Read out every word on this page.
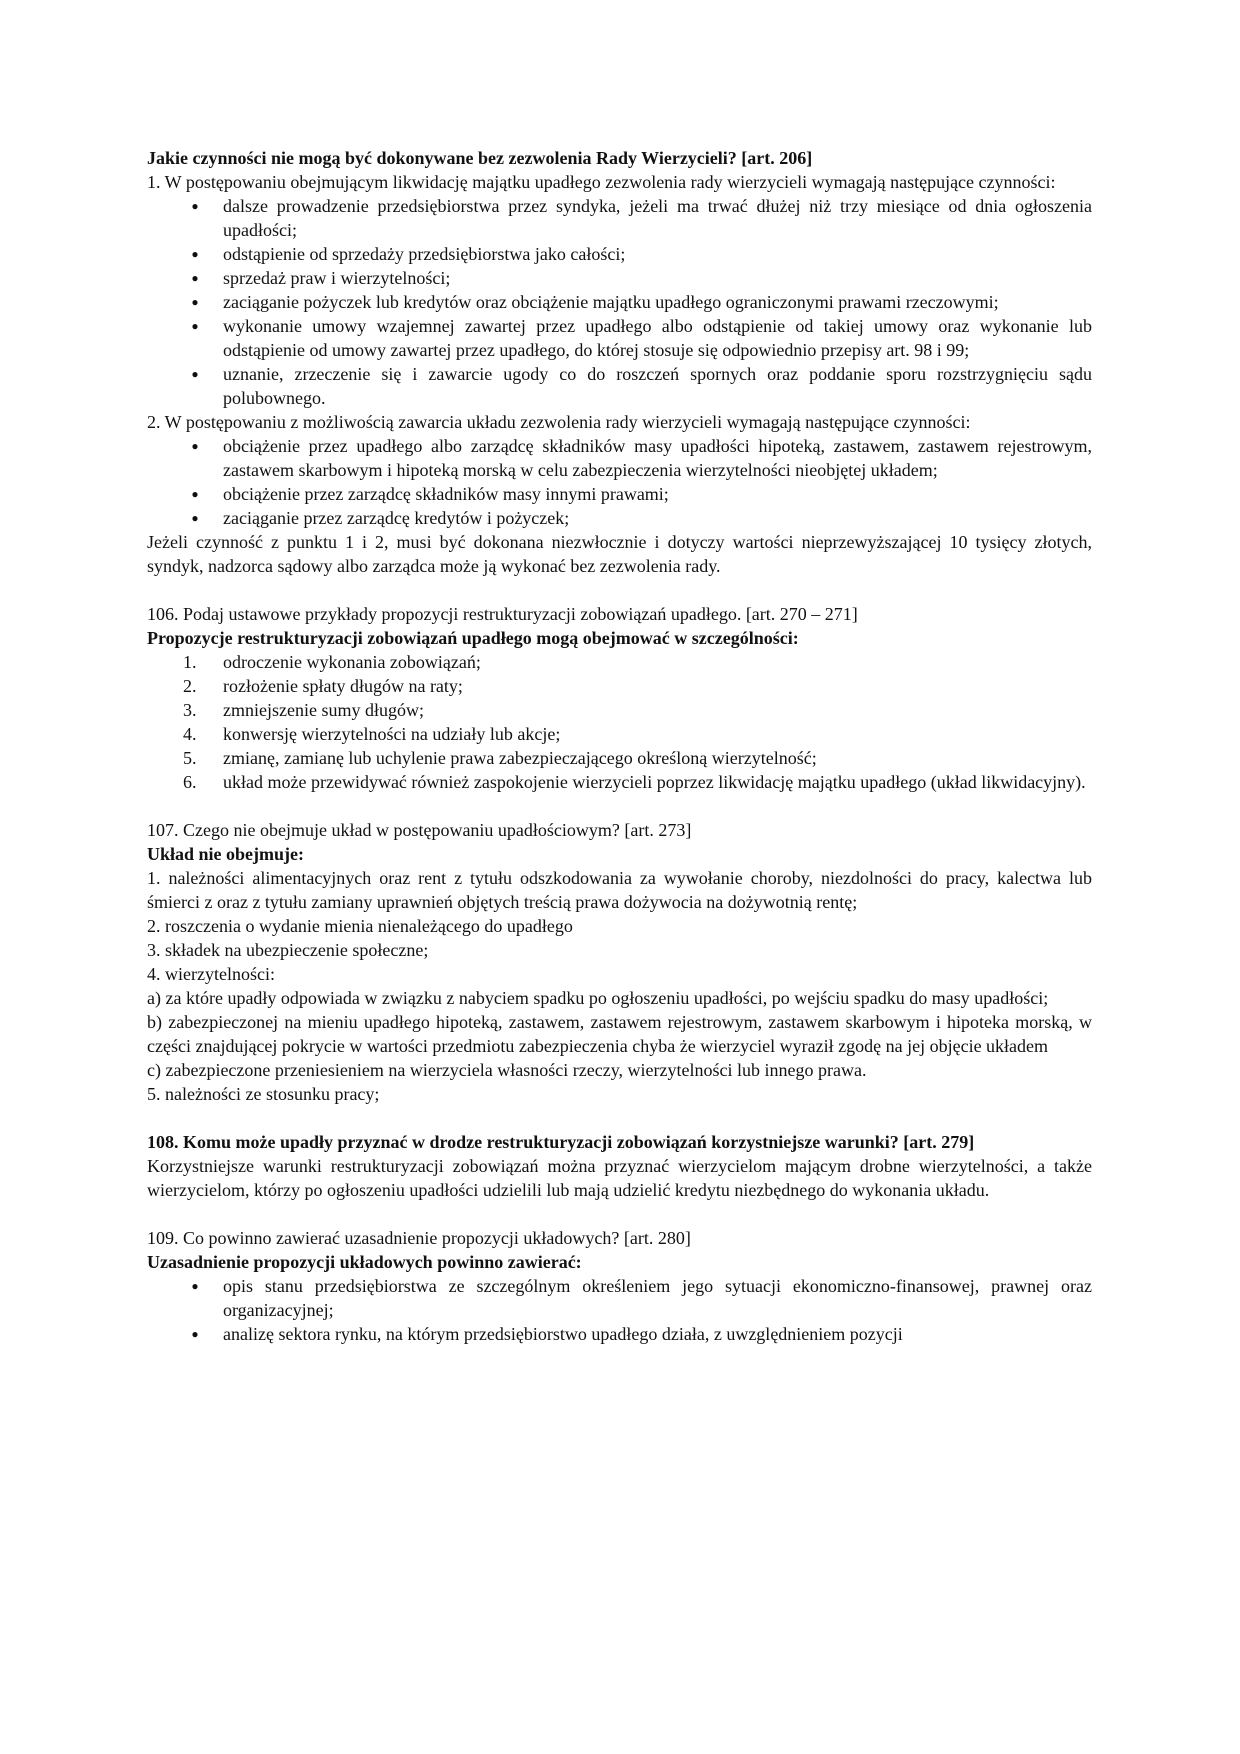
Jakie czynności nie mogą być dokonywane bez zezwolenia Rady Wierzycieli? [art. 206]

1. W postępowaniu obejmującym likwidację majątku upadłego zezwolenia rady wierzycieli wymagają następujące czynności:

●	dalsze prowadzenie przedsiębiorstwa przez syndyka, jeżeli ma trwać dłużej niż trzy miesiące od dnia ogłoszenia upadłości;
●	odstąpienie od sprzedaży przedsiębiorstwa jako całości;
●	sprzedaż praw i wierzytelności;
●	zaciąganie pożyczek lub kredytów oraz obciążenie majątku upadłego ograniczonymi prawami rzeczowymi;
●	wykonanie umowy wzajemnej zawartej przez upadłego albo odstąpienie od takiej umowy oraz wykonanie lub odstąpienie od umowy zawartej przez upadłego, do której stosuje się odpowiednio przepisy art. 98 i 99;
●	uznanie, zrzeczenie się i zawarcie ugody co do roszczeń spornych oraz poddanie sporu rozstrzygnięciu sądu polubownego.

2. W postępowaniu z możliwością zawarcia układu zezwolenia rady wierzycieli wymagają następujące czynności:

●	obciążenie przez upadłego albo zarządcę składników masy upadłości hipoteką, zastawem, zastawem rejestrowym, zastawem skarbowym i hipoteką morską w celu zabezpieczenia wierzytelności nieobjętej układem;
●	obciążenie przez zarządcę składników masy innymi prawami;
●	zaciąganie przez zarządcę kredytów i pożyczek;

Jeżeli czynność z punktu 1 i 2, musi być dokonana niezwłocznie i dotyczy wartości nieprzewyższającej 10 tysięcy złotych, syndyk, nadzorca sądowy albo zarządca może ją wykonać bez zezwolenia rady.

106. Podaj ustawowe przykłady propozycji restrukturyzacji zobowiązań upadłego. [art. 270 – 271]

Propozycje restrukturyzacji zobowiązań upadłego mogą obejmować w szczególności:

1.	odroczenie wykonania zobowiązań;
2.	rozłożenie spłaty długów na raty;
3.	zmniejszenie sumy długów;
4.	konwersję wierzytelności na udziały lub akcje;
5.	zmianę, zamianę lub uchylenie prawa zabezpieczającego określoną wierzytelność;
6.	układ może przewidywać również zaspokojenie wierzycieli poprzez likwidację majątku upadłego (układ likwidacyjny).

107. Czego nie obejmuje układ w postępowaniu upadłościowym? [art. 273]

Układ nie obejmuje:

1. należności alimentacyjnych oraz rent z tytułu odszkodowania za wywołanie choroby, niezdolności do pracy, kalectwa lub śmierci z oraz z tytułu zamiany uprawnień objętych treścią prawa dożywocia na dożywotnią rentę;

2. roszczenia o wydanie mienia nienależącego do upadłego

3. składek na ubezpieczenie społeczne;

4. wierzytelności:

a) za które upadły odpowiada w związku z nabyciem spadku po ogłoszeniu upadłości, po wejściu spadku do masy upadłości;

b) zabezpieczonej na mieniu upadłego hipoteką, zastawem, zastawem rejestrowym, zastawem skarbowym i hipoteka morską, w części znajdującej pokrycie w wartości przedmiotu zabezpieczenia chyba że wierzyciel wyraził zgodę na jej objęcie układem

c) zabezpieczone przeniesieniem na wierzyciela własności rzeczy, wierzytelności lub innego prawa.

5. należności ze stosunku pracy;

108. Komu może upadły przyznać w drodze restrukturyzacji zobowiązań korzystniejsze warunki? [art. 279]

Korzystniejsze warunki restrukturyzacji zobowiązań można przyznać wierzycielom mającym drobne wierzytelności, a także wierzycielom, którzy po ogłoszeniu upadłości udzielili lub mają udzielić kredytu niezbędnego do wykonania układu.

109. Co powinno zawierać uzasadnienie propozycji układowych? [art. 280]

Uzasadnienie propozycji układowych powinno zawierać:

●	opis stanu przedsiębiorstwa ze szczególnym określeniem jego sytuacji ekonomiczno-finansowej, prawnej oraz organizacyjnej;
●	analizę sektora rynku, na którym przedsiębiorstwo upadłego działa, z uwzględnieniem pozycji
